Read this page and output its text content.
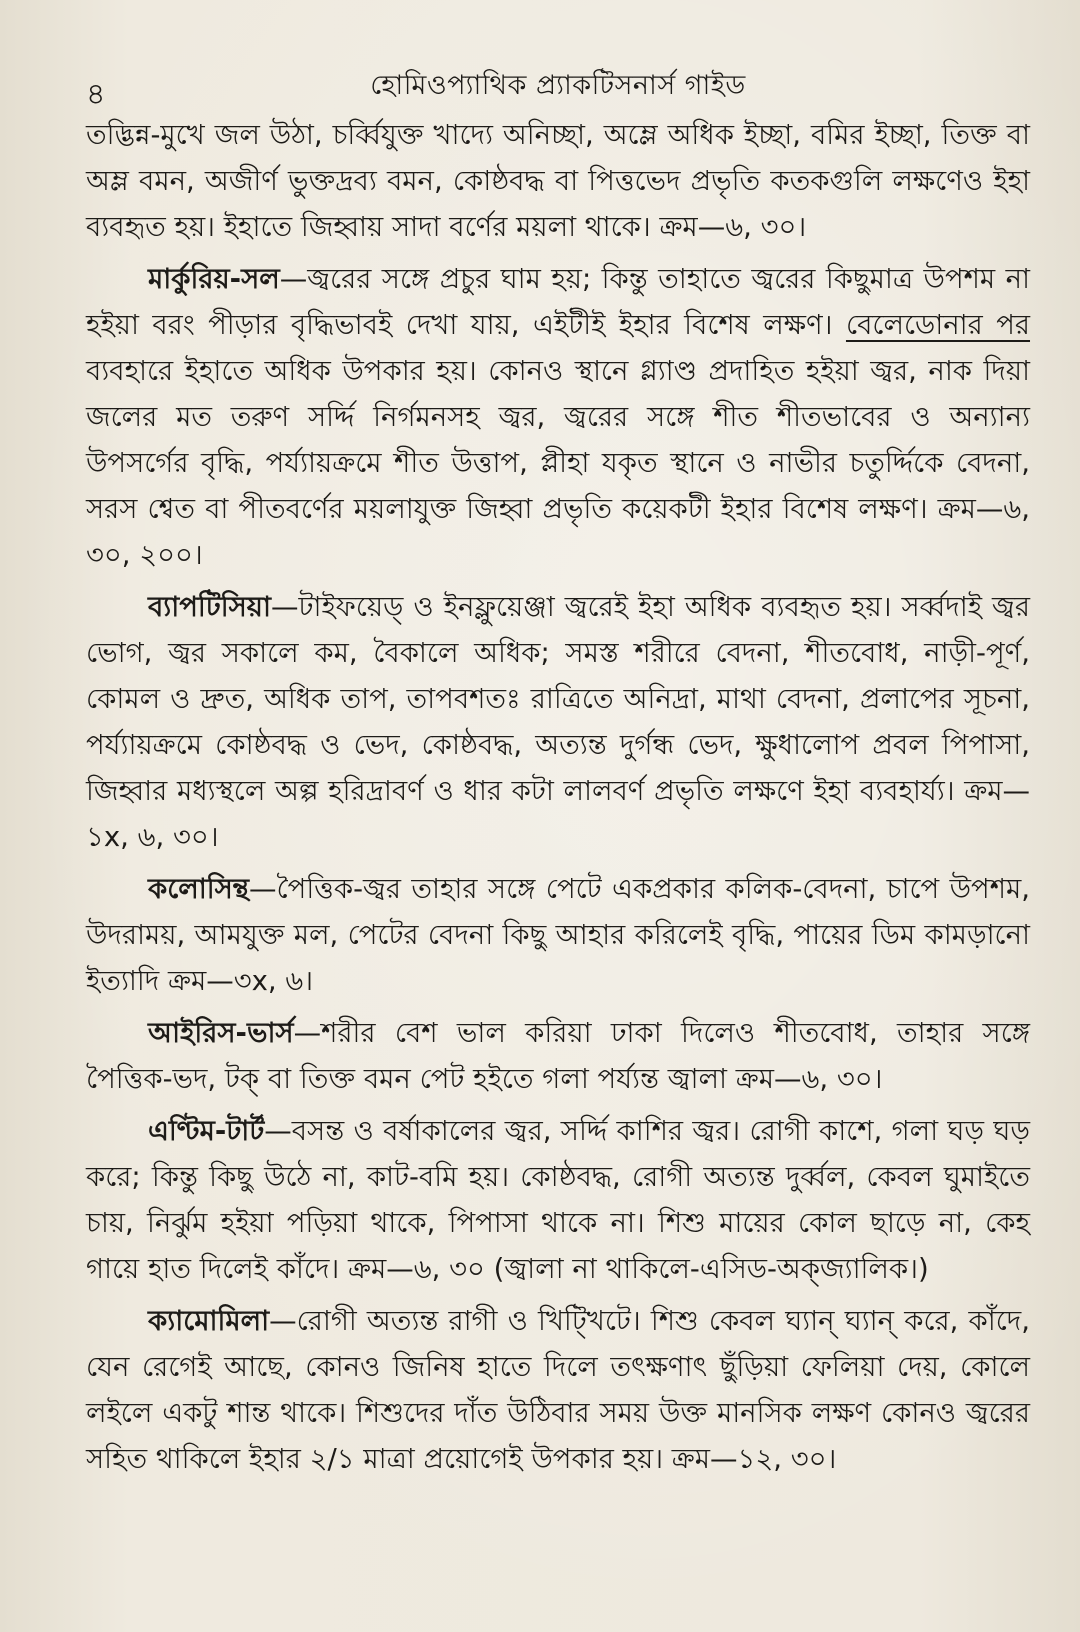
৪	হোমিওপ্যাথিক প্র্যাকটিসনার্স গাইড

তদ্ভিন্ন-মুখে জল উঠা, চর্ব্বিযুক্ত খাদ্যে অনিচ্ছা, অম্লে অধিক ইচ্ছা, বমির ইচ্ছা, তিক্ত বা অম্ল বমন, অজীর্ণ ভুক্তদ্রব্য বমন, কোষ্ঠবদ্ধ বা পিত্তভেদ প্রভৃতি কতকগুলি লক্ষণেও ইহা ব্যবহৃত হয়। ইহাতে জিহ্বায় সাদা বর্ণের ময়লা থাকে। ক্রম—৬, ৩০।

মার্কুরিয়-সল—জ্বরের সঙ্গে প্রচুর ঘাম হয়; কিন্তু তাহাতে জ্বরের কিছুমাত্র উপশম না হইয়া বরং পীড়ার বৃদ্ধিভাবই দেখা যায়, এইটীই ইহার বিশেষ লক্ষণ। বেলেডোনার পর ব্যবহারে ইহাতে অধিক উপকার হয়। কোনও স্থানে গ্ল্যাণ্ড প্রদাহিত হইয়া জ্বর, নাক দিয়া জলের মত তরুণ সর্দ্দি নির্গমনসহ জ্বর, জ্বরের সঙ্গে শীত শীতভাবের ও অন্যান্য উপসর্গের বৃদ্ধি, পর্য্যায়ক্রমে শীত উত্তাপ, প্লীহা যকৃত স্থানে ও নাভীর চতুর্দ্দিকে বেদনা, সরস শ্বেত বা পীতবর্ণের ময়লাযুক্ত জিহ্বা প্রভৃতি কয়েকটী ইহার বিশেষ লক্ষণ। ক্রম—৬, ৩০, ২০০।

ব্যাপটিসিয়া—টাইফয়েড্ ও ইনফ্লুয়েঞ্জা জ্বরেই ইহা অধিক ব্যবহৃত হয়। সর্ব্বদাই জ্বর ভোগ, জ্বর সকালে কম, বৈকালে অধিক; সমস্ত শরীরে বেদনা, শীতবোধ, নাড়ী-পূর্ণ, কোমল ও দ্রুত, অধিক তাপ, তাপবশতঃ রাত্রিতে অনিদ্রা, মাথা বেদনা, প্রলাপের সূচনা, পর্য্যায়ক্রমে কোষ্ঠবদ্ধ ও ভেদ, কোষ্ঠবদ্ধ, অত্যন্ত দুর্গন্ধ ভেদ, ক্ষুধালোপ প্রবল পিপাসা, জিহ্বার মধ্যস্থলে অল্প হরিদ্রাবর্ণ ও ধার কটা লালবর্ণ প্রভৃতি লক্ষণে ইহা ব্যবহার্য্য। ক্রম—১x, ৬, ৩০।

কলোসিন্থ—পৈত্তিক-জ্বর তাহার সঙ্গে পেটে একপ্রকার কলিক-বেদনা, চাপে উপশম, উদরাময়, আমযুক্ত মল, পেটের বেদনা কিছু আহার করিলেই বৃদ্ধি, পায়ের ডিম কামড়ানো ইত্যাদি ক্রম—৩x, ৬।

আইরিস-ভার্স—শরীর বেশ ভাল করিয়া ঢাকা দিলেও শীতবোধ, তাহার সঙ্গে পৈত্তিক-ভদ, টক্ বা তিক্ত বমন পেট হইতে গলা পর্য্যন্ত জ্বালা ক্রম—৬, ৩০।

এণ্টিম-টার্ট—বসন্ত ও বর্ষাকালের জ্বর, সর্দ্দি কাশির জ্বর। রোগী কাশে, গলা ঘড় ঘড় করে; কিন্তু কিছু উঠে না, কাট-বমি হয়। কোষ্ঠবদ্ধ, রোগী অত্যন্ত দুর্ব্বল, কেবল ঘুমাইতে চায়, নির্ঝুম হইয়া পড়িয়া থাকে, পিপাসা থাকে না। শিশু মায়ের কোল ছাড়ে না, কেহ গায়ে হাত দিলেই কাঁদে। ক্রম—৬, ৩০ (জ্বালা না থাকিলে-এসিড-অক্জ্যালিক।)

ক্যামোমিলা—রোগী অত্যন্ত রাগী ও খিট্খিটে। শিশু কেবল ঘ্যান্ ঘ্যান্ করে, কাঁদে, যেন রেগেই আছে, কোনও জিনিষ হাতে দিলে তৎক্ষণাৎ ছুঁড়িয়া ফেলিয়া দেয়, কোলে লইলে একটু শান্ত থাকে। শিশুদের দাঁত উঠিবার সময় উক্ত মানসিক লক্ষণ কোনও জ্বরের সহিত থাকিলে ইহার ২/১ মাত্রা প্রয়োগেই উপকার হয়। ক্রম—১২, ৩০।
